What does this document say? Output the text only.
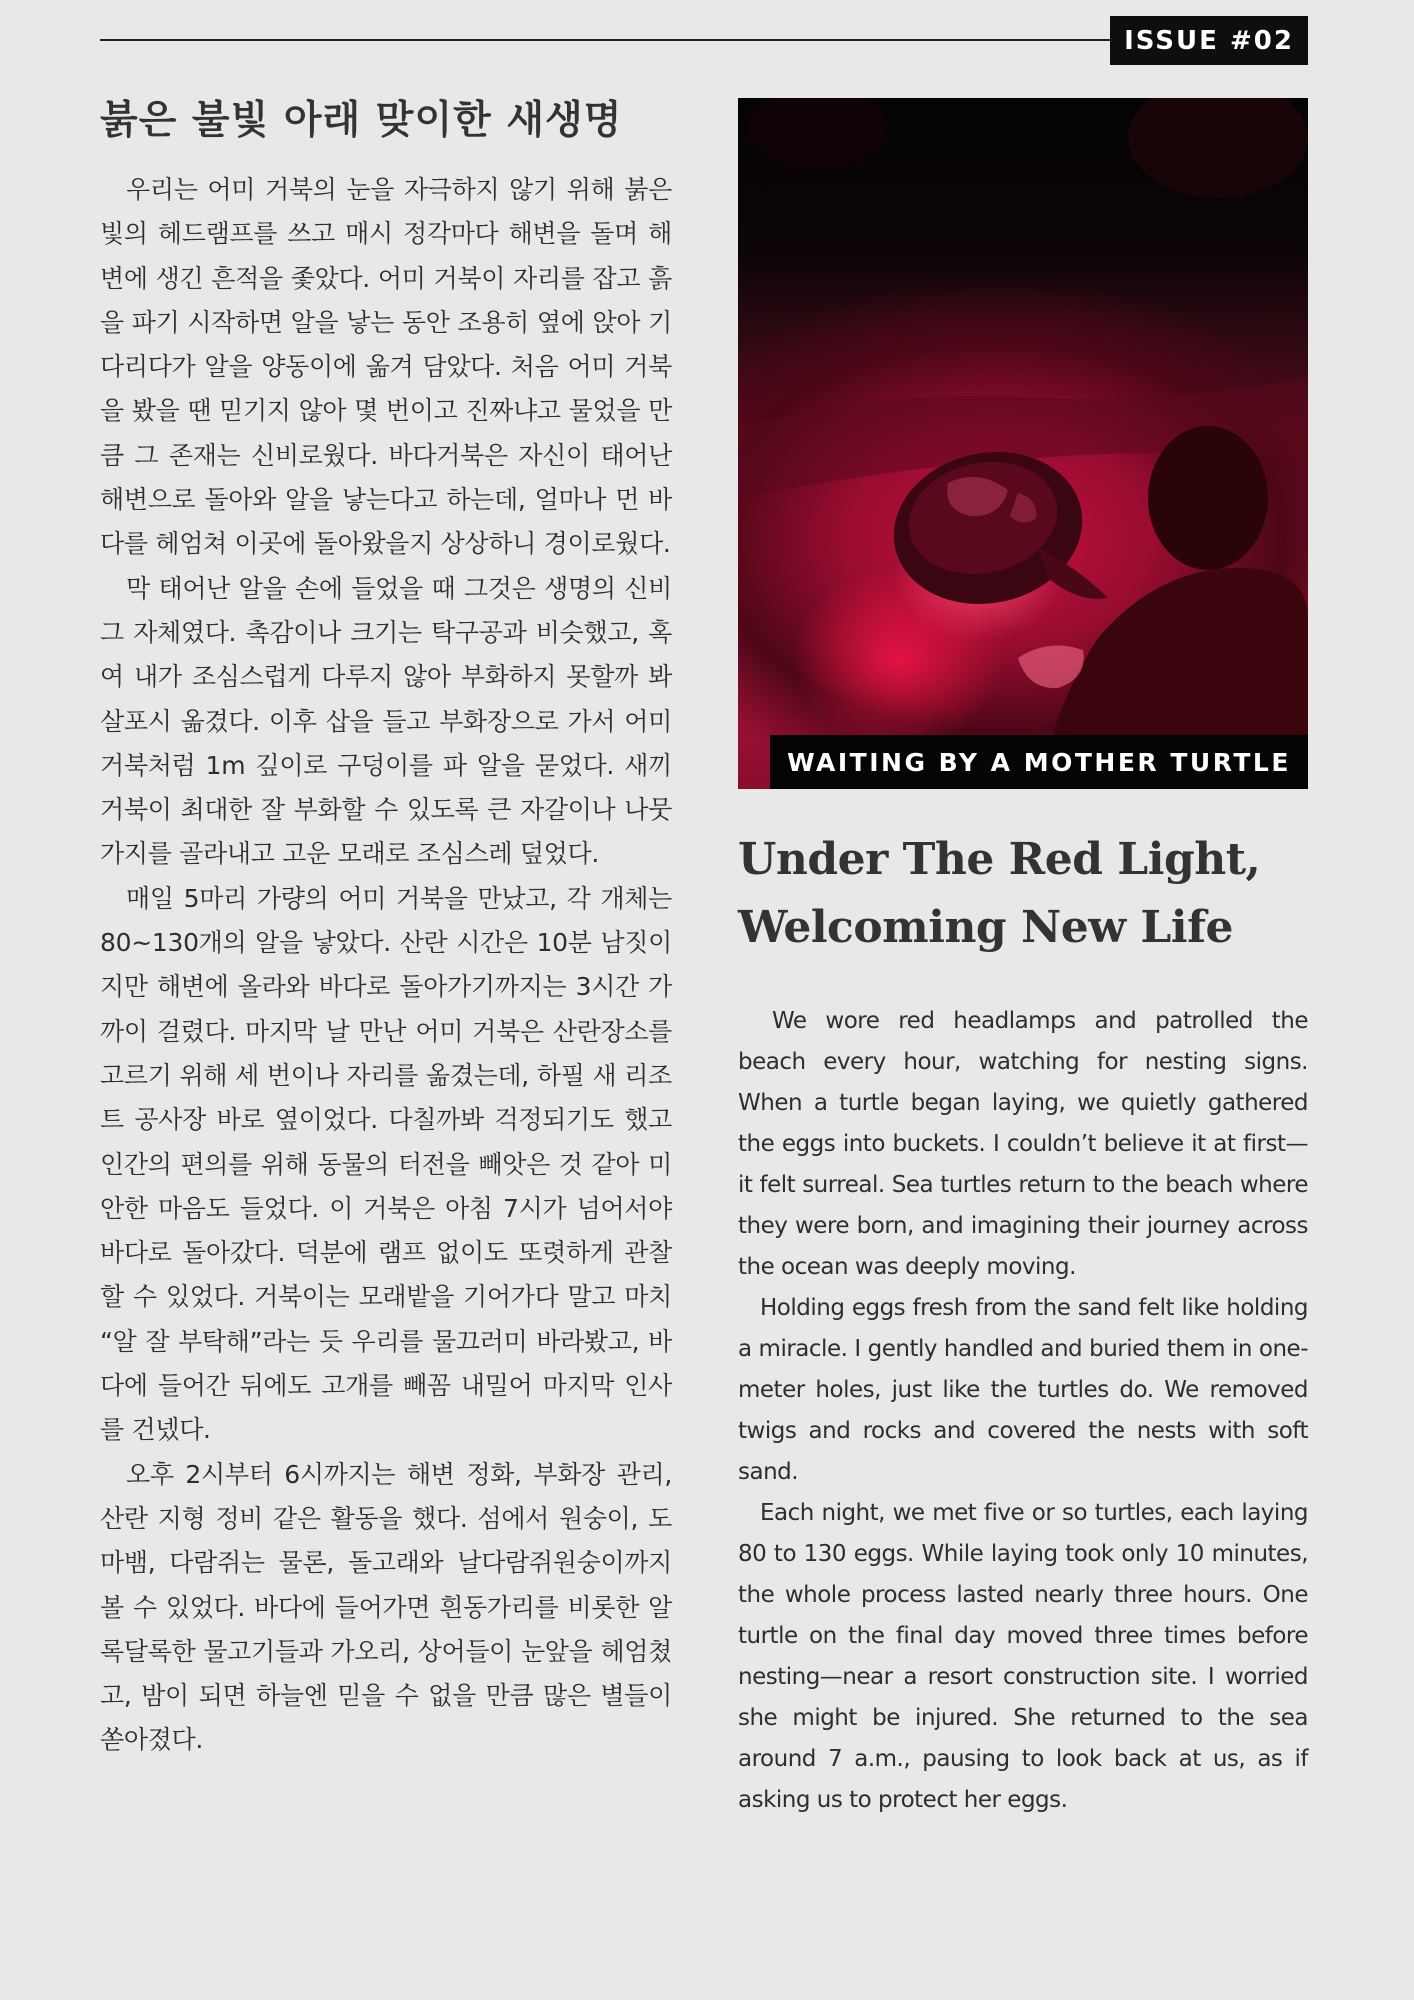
ISSUE #02
붉은 불빛 아래 맞이한 새생명

우리는 어미 거북의 눈을 자극하지 않기 위해 붉은 빛의 헤드램프를 쓰고 매시 정각마다 해변을 돌며 해변에 생긴 흔적을 좇았다. 어미 거북이 자리를 잡고 흙을 파기 시작하면 알을 낳는 동안 조용히 옆에 앉아 기다리다가 알을 양동이에 옮겨 담았다. 처음 어미 거북을 봤을 땐 믿기지 않아 몇 번이고 진짜냐고 물었을 만큼 그 존재는 신비로웠다. 바다거북은 자신이 태어난 해변으로 돌아와 알을 낳는다고 하는데, 얼마나 먼 바다를 헤엄쳐 이곳에 돌아왔을지 상상하니 경이로웠다.

막 태어난 알을 손에 들었을 때 그것은 생명의 신비 그 자체였다. 촉감이나 크기는 탁구공과 비슷했고, 혹여 내가 조심스럽게 다루지 않아 부화하지 못할까 봐 살포시 옮겼다. 이후 삽을 들고 부화장으로 가서 어미 거북처럼 1m 깊이로 구덩이를 파 알을 묻었다. 새끼 거북이 최대한 잘 부화할 수 있도록 큰 자갈이나 나뭇가지를 골라내고 고운 모래로 조심스레 덮었다.

매일 5마리 가량의 어미 거북을 만났고, 각 개체는 80~130개의 알을 낳았다. 산란 시간은 10분 남짓이지만 해변에 올라와 바다로 돌아가기까지는 3시간 가까이 걸렸다. 마지막 날 만난 어미 거북은 산란장소를 고르기 위해 세 번이나 자리를 옮겼는데, 하필 새 리조트 공사장 바로 옆이었다. 다칠까봐 걱정되기도 했고 인간의 편의를 위해 동물의 터전을 빼앗은 것 같아 미안한 마음도 들었다. 이 거북은 아침 7시가 넘어서야 바다로 돌아갔다. 덕분에 램프 없이도 또렷하게 관찰할 수 있었다. 거북이는 모래밭을 기어가다 말고 마치 “알 잘 부탁해”라는 듯 우리를 물끄러미 바라봤고, 바다에 들어간 뒤에도 고개를 빼꼼 내밀어 마지막 인사를 건넸다.

오후 2시부터 6시까지는 해변 정화, 부화장 관리, 산란 지형 정비 같은 활동을 했다. 섬에서 원숭이, 도마뱀, 다람쥐는 물론, 돌고래와 날다람쥐원숭이까지 볼 수 있었다. 바다에 들어가면 흰동가리를 비롯한 알록달록한 물고기들과 가오리, 상어들이 눈앞을 헤엄쳤고, 밤이 되면 하늘엔 믿을 수 없을 만큼 많은 별들이 쏟아졌다.

WAITING BY A MOTHER TURTLE
Under The Red Light, Welcoming New Life

We wore red headlamps and patrolled the beach every hour, watching for nesting signs. When a turtle began laying, we quietly gathered the eggs into buckets. I couldn’t believe it at first—it felt surreal. Sea turtles return to the beach where they were born, and imagining their journey across the ocean was deeply moving.

Holding eggs fresh from the sand felt like holding a miracle. I gently handled and buried them in one-meter holes, just like the turtles do. We removed twigs and rocks and covered the nests with soft sand.

Each night, we met five or so turtles, each laying 80 to 130 eggs. While laying took only 10 minutes, the whole process lasted nearly three hours. One turtle on the final day moved three times before nesting—near a resort construction site. I worried she might be injured. She returned to the sea around 7 a.m., pausing to look back at us, as if asking us to protect her eggs.
